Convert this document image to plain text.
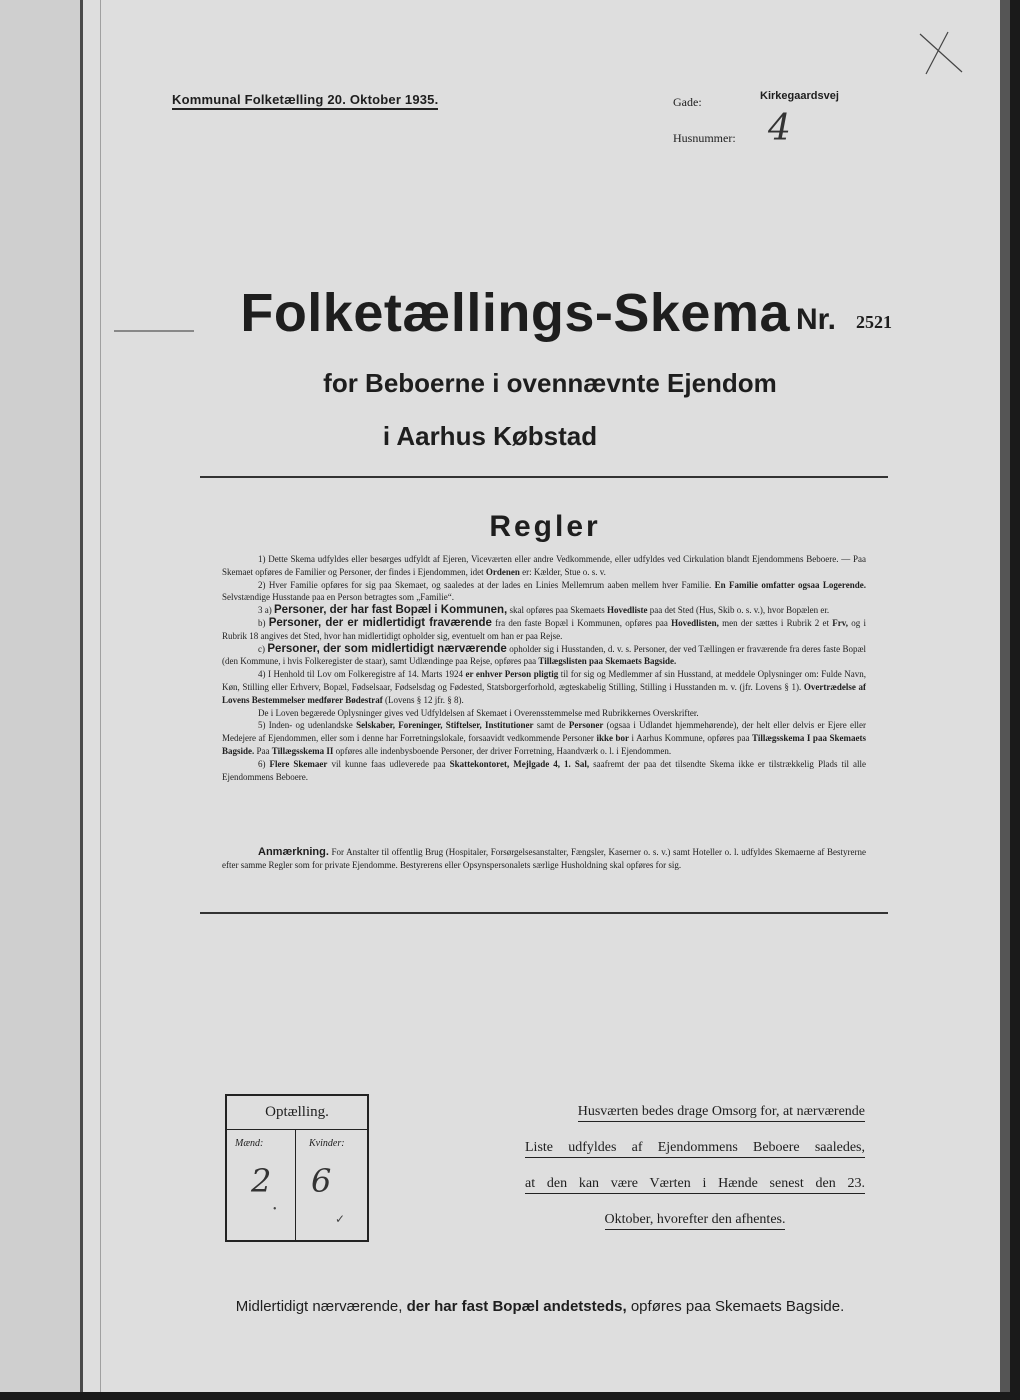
Kommunal Folketælling 20. Oktober 1935.	Gade:	Kirkegaardsvej
Husnummer: 4
Folketællings-Skema Nr. 2521
for Beboerne i ovennævnte Ejendom
i Aarhus Købstad
Regler

1) Dette Skema udfyldes eller besørges udfyldt af Ejeren, Viceværten eller andre Vedkommende, eller udfyldes ved Cirkulation blandt Ejendommens Beboere. — Paa Skemaet opføres de Familier og Personer, der findes i Ejendommen, idet Ordenen er: Kælder, Stue o. s. v.

2) Hver Familie opføres for sig paa Skemaet, og saaledes at der lades en Linies Mellemrum aaben mellem hver Familie. En Familie omfatter ogsaa Logerende. Selvstændige Husstande paa en Person betragtes som „Familie“.

3 a) Personer, der har fast Bopæl i Kommunen, skal opføres paa Skemaets Hovedliste paa det Sted (Hus, Skib o. s. v.), hvor Bopælen er.

b) Personer, der er midlertidigt fraværende fra den faste Bopæl i Kommunen, opføres paa Hovedlisten, men der sættes i Rubrik 2 et Frv, og i Rubrik 18 angives det Sted, hvor han midlertidigt opholder sig, eventuelt om han er paa Rejse.

c) Personer, der som midlertidigt nærværende opholder sig i Husstanden, d. v. s. Personer, der ved Tællingen er fraværende fra deres faste Bopæl (den Kommune, i hvis Folkeregister de staar), samt Udlændinge paa Rejse, opføres paa Tillægslisten paa Skemaets Bagside.

4) I Henhold til Lov om Folkeregistre af 14. Marts 1924 er enhver Person pligtig til for sig og Medlemmer af sin Husstand, at meddele Oplysninger om: Fulde Navn, Køn, Stilling eller Erhverv, Bopæl, Fødselsaar, Fødselsdag og Fødested, Statsborgerforhold, ægteskabelig Stilling, Stilling i Husstanden m. v. (jfr. Lovens § 1). Overtrædelse af Lovens Bestemmelser medfører Bødestraf (Lovens § 12 jfr. § 8).

De i Loven begærede Oplysninger gives ved Udfyldelsen af Skemaet i Overensstemmelse med Rubrikkernes Overskrifter.

5) Inden- og udenlandske Selskaber, Foreninger, Stiftelser, Institutioner samt de Personer (ogsaa i Udlandet hjemmehørende), der helt eller delvis er Ejere eller Medejere af Ejendommen, eller som i denne har Forretningslokale, forsaavidt vedkommende Personer ikke bor i Aarhus Kommune, opføres paa Tillægsskema I paa Skemaets Bagside. Paa Tillægsskema II opføres alle indenbysboende Personer, der driver Forretning, Haandværk o. l. i Ejendommen.

6) Flere Skemaer vil kunne faas udleverede paa Skattekontoret, Mejlgade 4, 1. Sal, saafremt der paa det tilsendte Skema ikke er tilstrækkelig Plads til alle Ejendommens Beboere.

Anmærkning. For Anstalter til offentlig Brug (Hospitaler, Forsørgelsesanstalter, Fængsler, Kaserner o. s. v.) samt Hoteller o. l. udfyldes Skemaerne af Bestyrerne efter samme Regler som for private Ejendomme. Bestyrerens eller Opsynspersonalets særlige Husholdning skal opføres for sig.

Optælling.
Mænd:	Kvinder:
2 6
•
✓
Husværten bedes drage Omsorg for, at nærværende
Liste udfyldes af Ejendommens Beboere saaledes,
at den kan være Værten i Hænde senest den 23.
Oktober, hvorefter den afhentes.
Midlertidigt nærværende, der har fast Bopæl andetsteds, opføres paa Skemaets Bagside.
